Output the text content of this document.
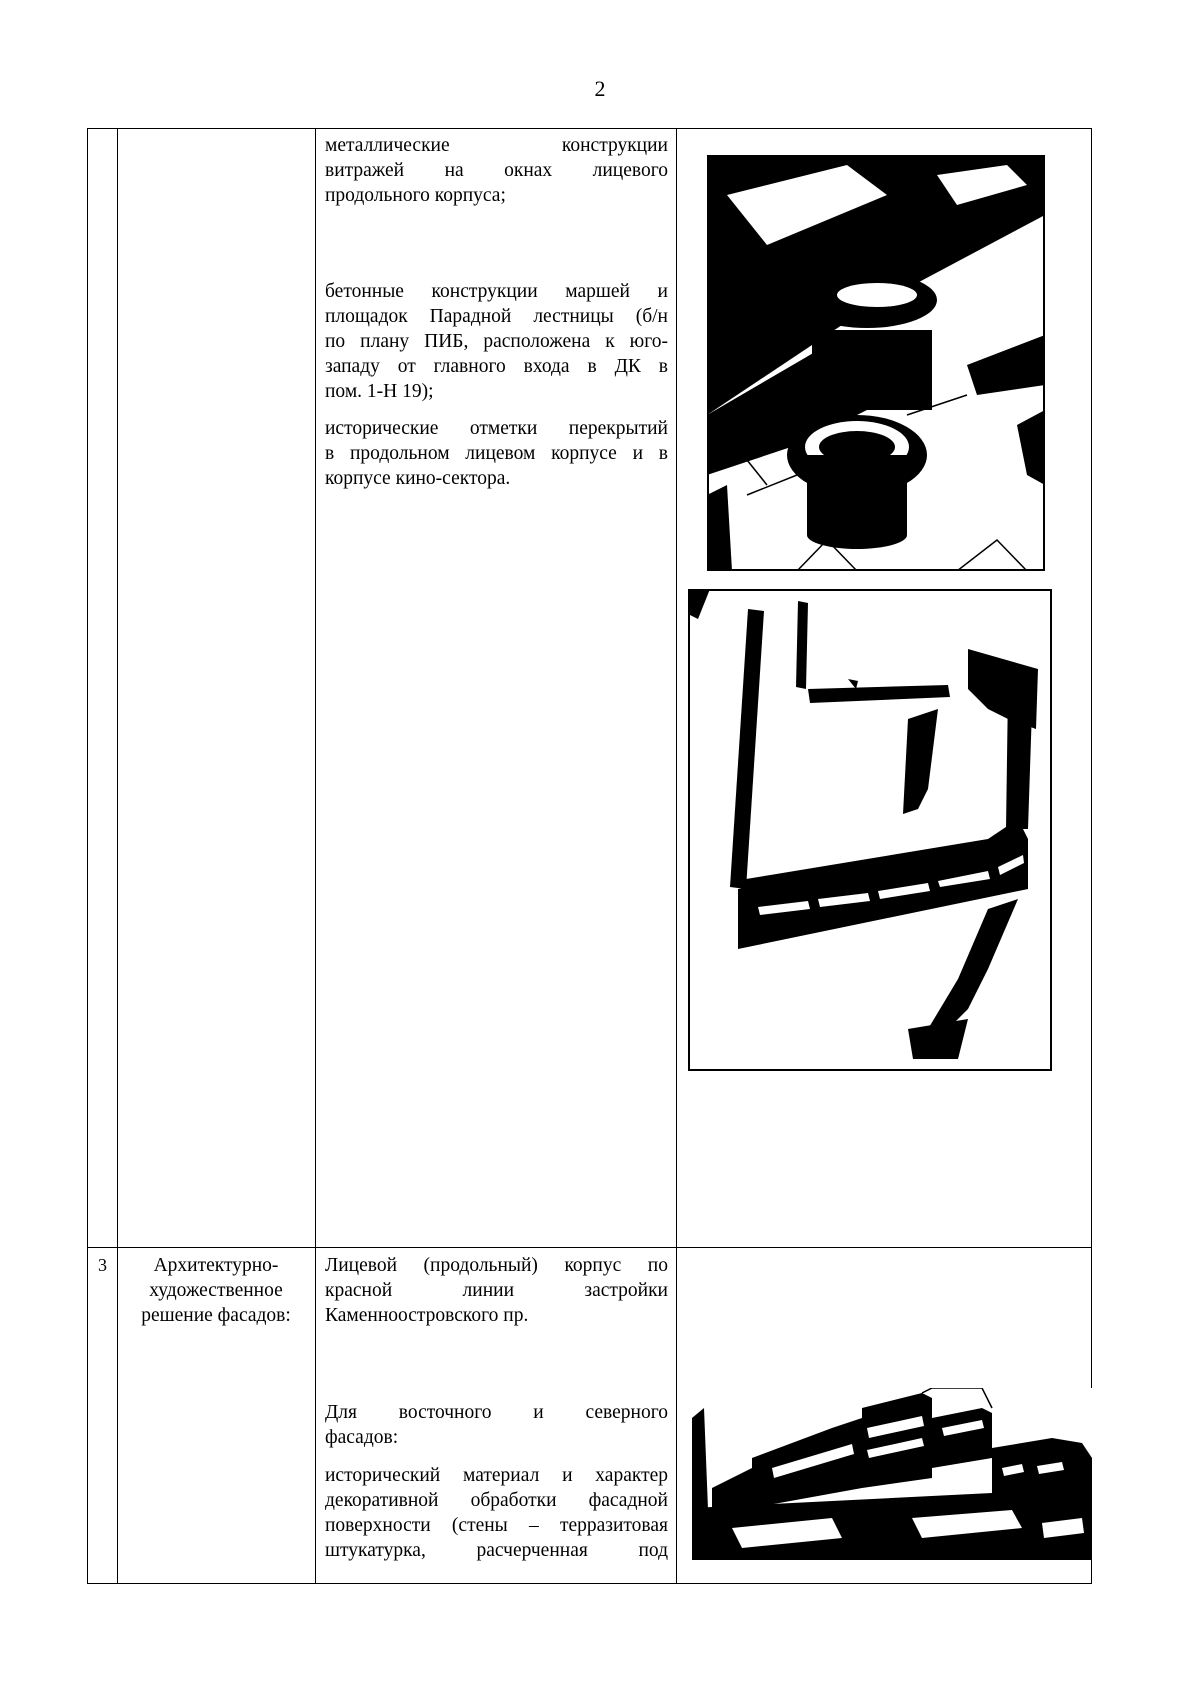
2
металлические конструкции
витражей на окнах лицевого
продольного корпуса;
бетонные конструкции маршей и
площадок Парадной лестницы (б/н
по плану ПИБ, расположена к юго-
западу от главного входа в ДК в
пом. 1-Н 19);
исторические отметки перекрытий
в продольном лицевом корпусе и в
корпусе кино-сектора.
3	Архитектурно-
художественное
решение фасадов:
Лицевой (продольный) корпус по
красной линии застройки
Каменноостровского пр.
Для восточного и северного
фасадов:
исторический материал и характер
декоративной обработки фасадной
поверхности (стены – терразитовая
штукатурка, расчерченная под
